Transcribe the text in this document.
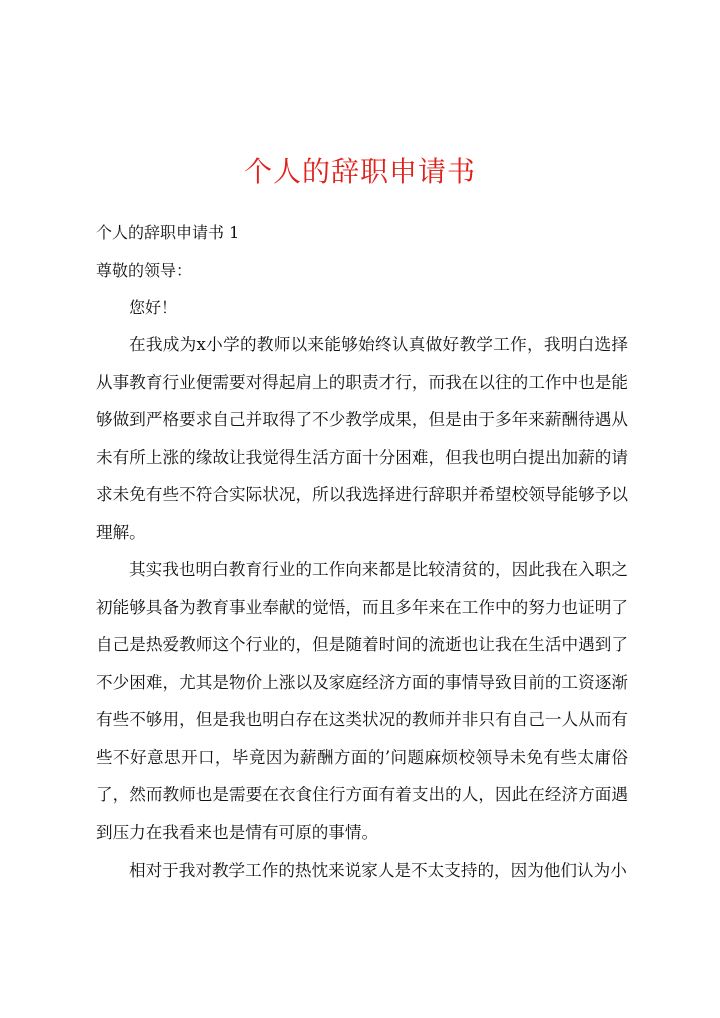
个人的辞职申请书
个人的辞职申请书 1
尊敬的领导：
您好！

在我成为x小学的教师以来能够始终认真做好教学工作，我明白选择从事教育行业便需要对得起肩上的职责才行，而我在以往的工作中也是能够做到严格要求自己并取得了不少教学成果，但是由于多年来薪酬待遇从未有所上涨的缘故让我觉得生活方面十分困难，但我也明白提出加薪的请求未免有些不符合实际状况，所以我选择进行辞职并希望校领导能够予以理解。

其实我也明白教育行业的工作向来都是比较清贫的，因此我在入职之初能够具备为教育事业奉献的觉悟，而且多年来在工作中的努力也证明了自己是热爱教师这个行业的，但是随着时间的流逝也让我在生活中遇到了不少困难，尤其是物价上涨以及家庭经济方面的事情导致目前的工资逐渐有些不够用，但是我也明白存在这类状况的教师并非只有自己一人从而有些不好意思开口，毕竟因为薪酬方面的’问题麻烦校领导未免有些太庸俗了，然而教师也是需要在衣食住行方面有着支出的人，因此在经济方面遇到压力在我看来也是情有可原的事情。

相对于我对教学工作的热忱来说家人是不太支持的，因为他们认为小
